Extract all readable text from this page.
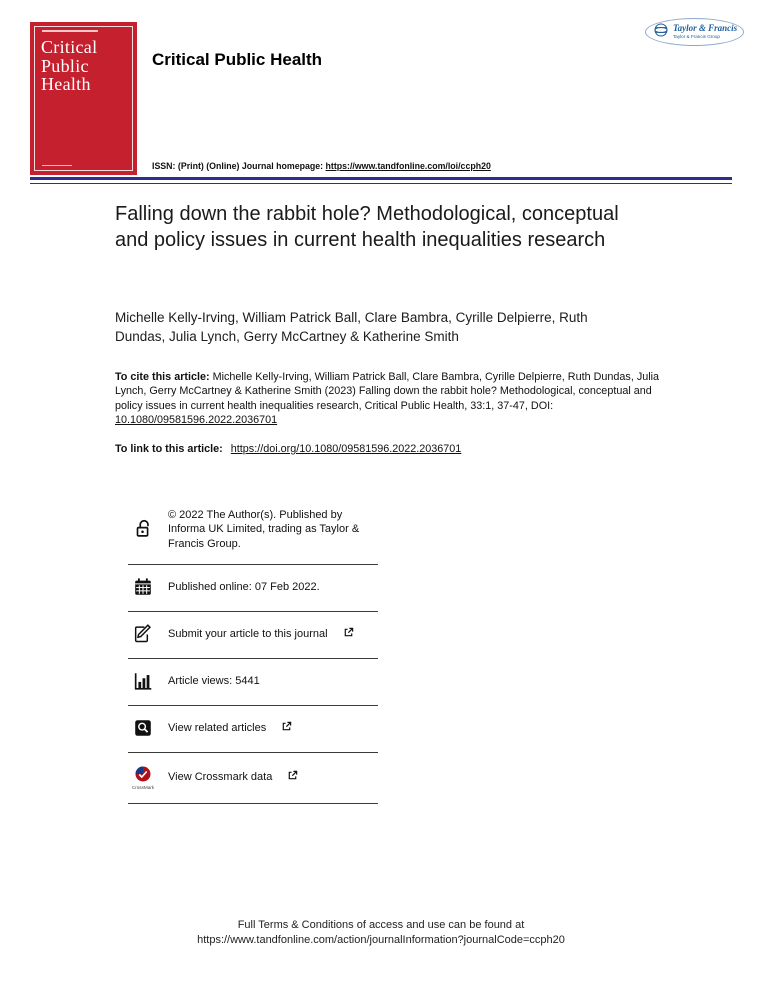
Critical
Public
Health
Critical Public Health
Taylor & Francis
Taylor & Francis Group
ISSN: (Print) (Online) Journal homepage: https://www.tandfonline.com/loi/ccph20
Falling down the rabbit hole? Methodological, conceptual and policy issues in current health inequalities research
Michelle Kelly-Irving, William Patrick Ball, Clare Bambra, Cyrille Delpierre, Ruth Dundas, Julia Lynch, Gerry McCartney & Katherine Smith
To cite this article: Michelle Kelly-Irving, William Patrick Ball, Clare Bambra, Cyrille Delpierre, Ruth Dundas, Julia Lynch, Gerry McCartney & Katherine Smith (2023) Falling down the rabbit hole? Methodological, conceptual and policy issues in current health inequalities research, Critical Public Health, 33:1, 37-47, DOI: 10.1080/09581596.2022.2036701
To link to this article: https://doi.org/10.1080/09581596.2022.2036701
© 2022 The Author(s). Published by Informa UK Limited, trading as Taylor & Francis Group.
Published online: 07 Feb 2022.
Submit your article to this journal
Article views: 5441
View related articles
CrossMark
View Crossmark data
Full Terms & Conditions of access and use can be found at
https://www.tandfonline.com/action/journalInformation?journalCode=ccph20
